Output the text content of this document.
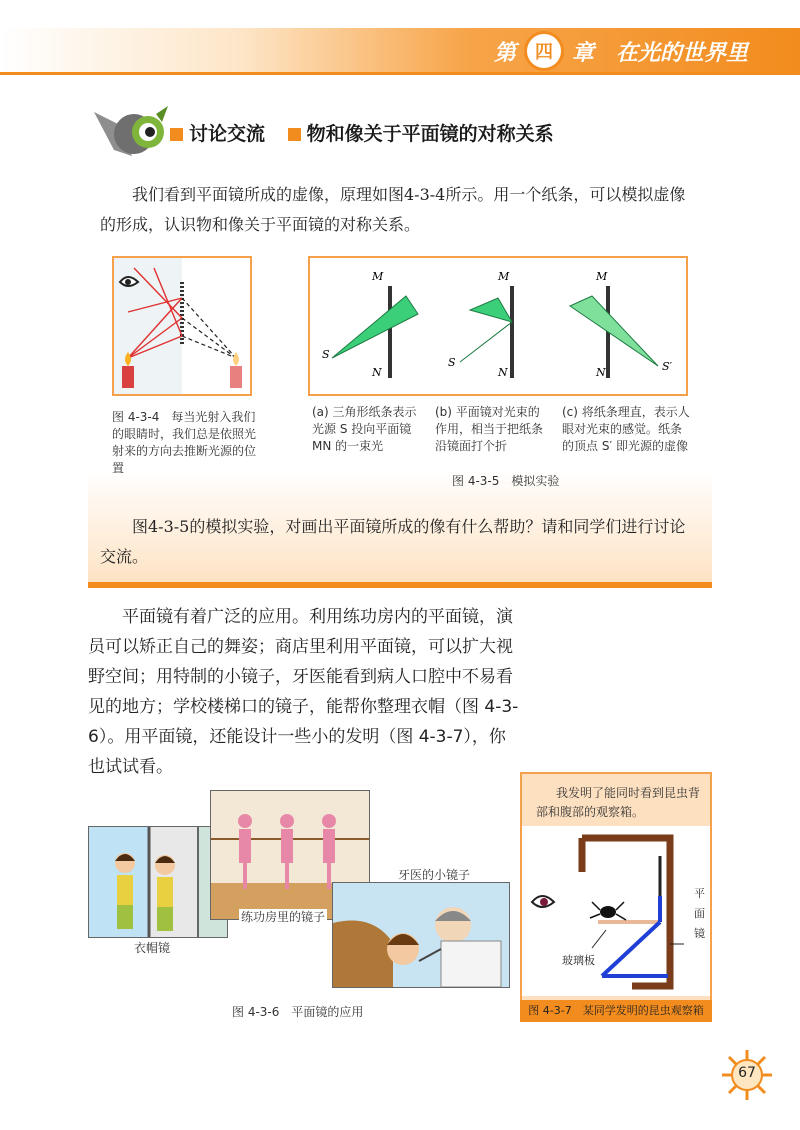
第	四 章 在光的世界里
讨论交流 物和像关于平面镜的对称关系

我们看到平面镜所成的虚像，原理如图4-3-4所示。用一个纸条，可以模拟虚像的形成，认识物和像关于平面镜的对称关系。

图 4-3-4　每当光射入我们的眼睛时，我们总是依照光射来的方向去推断光源的位置

M
S
N
M
S
N
M
S′
N

(a) 三角形纸条表示光源 S 投向平面镜 MN 的一束光

(b) 平面镜对光束的作用，相当于把纸条沿镜面打个折

(c) 将纸条理直，表示人眼对光束的感觉。纸条的顶点 S′ 即光源的虚像

图 4-3-5　模拟实验

图4-3-5的模拟实验，对画出平面镜所成的像有什么帮助？请和同学们进行讨论交流。

平面镜有着广泛的应用。利用练功房内的平面镜，演员可以矫正自己的舞姿；商店里利用平面镜，可以扩大视野空间；用特制的小镜子，牙医能看到病人口腔中不易看见的地方；学校楼梯口的镜子，能帮你整理衣帽（图 4-3-6）。用平面镜，还能设计一些小的发明（图 4-3-7），你也试试看。

衣帽镜

练功房里的镜子

牙医的小镜子

图 4-3-6　平面镜的应用

我发明了能同时看到昆虫背部和腹部的观察箱。

玻璃板

平面镜

图 4-3-7　某同学发明的昆虫观察箱

67
